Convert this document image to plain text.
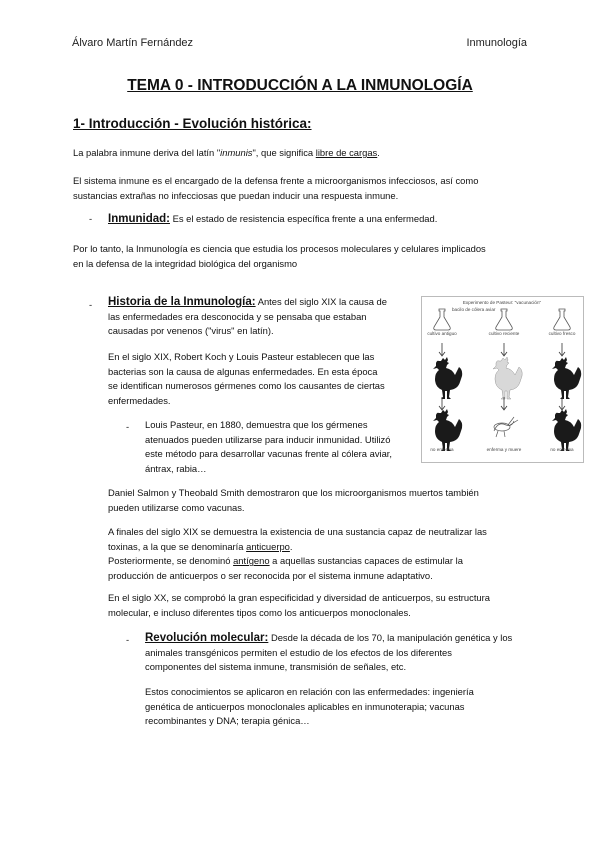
Álvaro Martín Fernández	Inmunología
TEMA 0 - INTRODUCCIÓN A LA INMUNOLOGÍA
1- Introducción - Evolución histórica:

La palabra inmune deriva del latín "inmunis", que significa libre de cargas.

El sistema inmune es el encargado de la defensa frente a microorganismos infecciosos, así como
sustancias extrañas no infecciosas que puedan inducir una respuesta inmune.

- Inmunidad: Es el estado de resistencia específica frente a una enfermedad.

Por lo tanto, la Inmunología es ciencia que estudia los procesos moleculares y celulares implicados
en la defensa de la integridad biológica del organismo

- Historia de la Inmunología: Antes del siglo XIX la causa de
las enfermedades era desconocida y se pensaba que estaban
causadas por venenos ("virus" en latín).

En el siglo XIX, Robert Koch y Louis Pasteur establecen que las
bacterias son la causa de algunas enfermedades. En esta época
se identifican numerosos gérmenes como los causantes de ciertas
enfermedades.

- Louis Pasteur, en 1880, demuestra que los gérmenes
atenuados pueden utilizarse para inducir inmunidad. Utilizó
este método para desarrollar vacunas frente al cólera aviar,
ántrax, rabia…

Experimento de Pasteur: "vacunación"
bacilo de cólera aviar
cultivo antiguo	cultivo reciente	cultivo fresco
no enferma	enferma y muere	no enferma

Daniel Salmon y Theobald Smith demostraron que los microorganismos muertos también
pueden utilizarse como vacunas.

A finales del siglo XIX se demuestra la existencia de una sustancia capaz de neutralizar las
toxinas, a la que se denominaría anticuerpo.
Posteriormente, se denominó antígeno a aquellas sustancias capaces de estimular la
producción de anticuerpos o ser reconocida por el sistema inmune adaptativo.

En el siglo XX, se comprobó la gran especificidad y diversidad de anticuerpos, su estructura
molecular, e incluso diferentes tipos como los anticuerpos monoclonales.

- Revolución molecular: Desde la década de los 70, la manipulación genética y los
animales transgénicos permiten el estudio de los efectos de los diferentes
componentes del sistema inmune, transmisión de señales, etc.

Estos conocimientos se aplicaron en relación con las enfermedades: ingeniería
genética de anticuerpos monoclonales aplicables en inmunoterapia; vacunas
recombinantes y DNA; terapia génica…
